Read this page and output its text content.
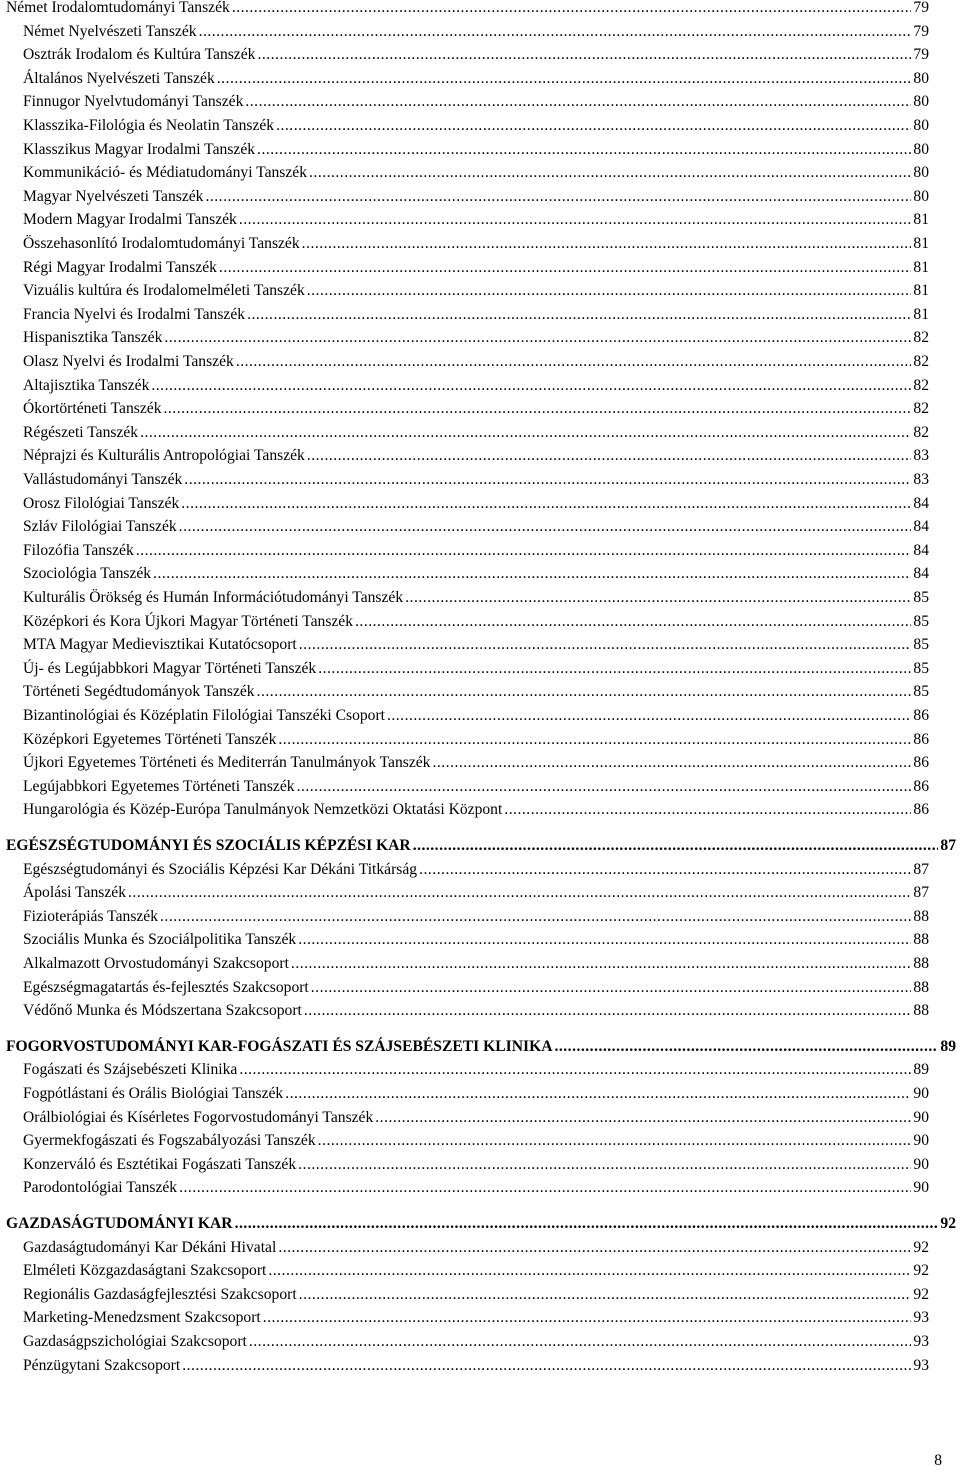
Német Irodalomtudományi Tanszék .....	79
Német Nyelvészeti Tanszék .....	79
Osztrák Irodalom és Kultúra Tanszék .....	79
Általános Nyelvészeti Tanszék .....	80
Finnugor Nyelvtudományi Tanszék .....	80
Klasszika-Filológia és Neolatin Tanszék .....	80
Klasszikus Magyar Irodalmi Tanszék .....	80
Kommunikáció- és Médiatudományi Tanszék .....	80
Magyar Nyelvészeti Tanszék .....	80
Modern Magyar Irodalmi Tanszék .....	81
Összehasonlító Irodalomtudományi Tanszék .....	81
Régi Magyar Irodalmi Tanszék .....	81
Vizuális kultúra és Irodalomelméleti Tanszék .....	81
Francia Nyelvi és Irodalmi Tanszék .....	81
Hispanisztika Tanszék .....	82
Olasz Nyelvi és Irodalmi Tanszék .....	82
Altajisztika Tanszék .....	82
Ókortörténeti Tanszék .....	82
Régészeti Tanszék .....	82
Néprajzi és Kulturális Antropológiai Tanszék .....	83
Vallástudományi Tanszék .....	83
Orosz Filológiai Tanszék .....	84
Szláv Filológiai Tanszék .....	84
Filozófia Tanszék .....	84
Szociológia Tanszék .....	84
Kulturális Örökség és Humán Információtudományi Tanszék .....	85
Középkori és Kora Újkori Magyar Történeti Tanszék .....	85
MTA Magyar Medievisztikai Kutatócsoport .....	85
Új- és Legújabbkori Magyar Történeti Tanszék .....	85
Történeti Segédtudományok Tanszék .....	85
Bizantinológiai és Középlatin Filológiai Tanszéki Csoport .....	86
Középkori Egyetemes Történeti Tanszék .....	86
Újkori Egyetemes Történeti és Mediterrán Tanulmányok Tanszék .....	86
Legújabbkori Egyetemes Történeti Tanszék .....	86
Hungarológia és Közép-Európa Tanulmányok Nemzetközi Oktatási Központ .....	86
EGÉSZSÉGTUDOMÁNYI ÉS SZOCIÁLIS KÉPZÉSI KAR .....	87
Egészségtudományi és Szociális Képzési Kar Dékáni Titkárság .....	87
Ápolási Tanszék .....	87
Fizioterápiás Tanszék .....	88
Szociális Munka és Szociálpolitika Tanszék .....	88
Alkalmazott Orvostudományi Szakcsoport .....	88
Egészségmagatartás és-fejlesztés Szakcsoport .....	88
Védőnő Munka és Módszertana Szakcsoport .....	88
FOGORVOSTUDOMÁNYI KAR-FOGÁSZATI ÉS SZÁJSEBÉSZETI KLINIKA .....	89
Fogászati és Szájsebészeti Klinika .....	89
Fogpótlástani és Orális Biológiai Tanszék .....	90
Orálbiológiai és Kísérletes Fogorvostudományi Tanszék .....	90
Gyermekfogászati és Fogszabályozási Tanszék .....	90
Konzerváló és Esztétikai Fogászati Tanszék .....	90
Parodontológiai Tanszék .....	90
GAZDASÁGTUDOMÁNYI KAR .....	92
Gazdaságtudományi Kar Dékáni Hivatal .....	92
Elméleti Közgazdaságtani Szakcsoport .....	92
Regionális Gazdaságfejlesztési Szakcsoport .....	92
Marketing-Menedzsment Szakcsoport .....	93
Gazdaságpszichológiai Szakcsoport .....	93
Pénzügytani Szakcsoport .....	93
8
